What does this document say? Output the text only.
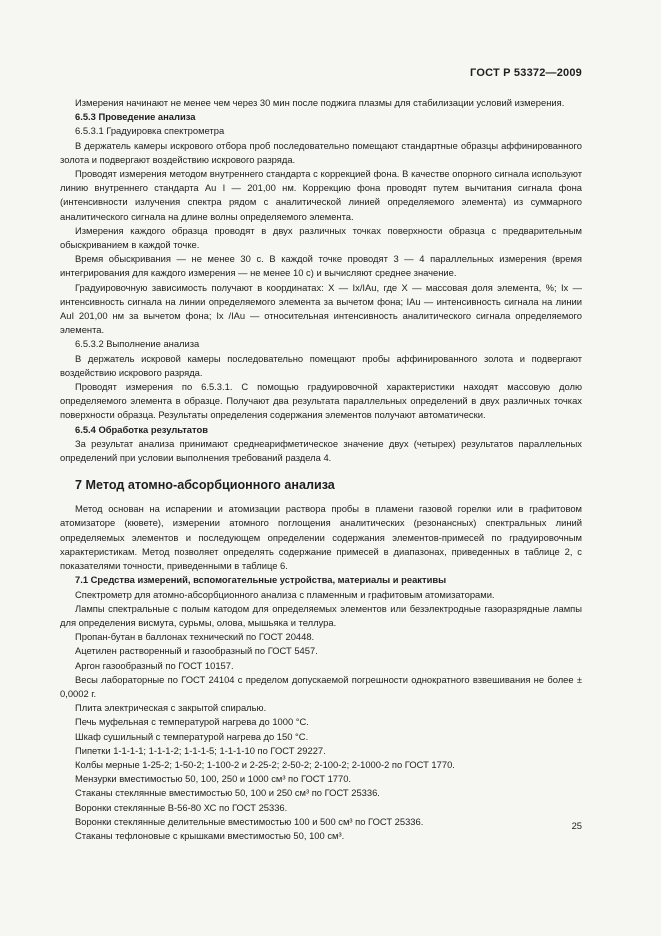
ГОСТ Р 53372—2009

Измерения начинают не менее чем через 30 мин после поджига плазмы для стабилизации условий измерения.

6.5.3 Проведение анализа

6.5.3.1 Градуировка спектрометра

В держатель камеры искрового отбора проб последовательно помещают стандартные образцы аффинированного золота и подвергают воздействию искрового разряда.

Проводят измерения методом внутреннего стандарта с коррекцией фона. В качестве опорного сигнала используют линию внутреннего стандарта Au I — 201,00 нм. Коррекцию фона проводят путем вычитания сигнала фона (интенсивности излучения спектра рядом с аналитической линией определяемого элемента) из суммарного аналитического сигнала на длине волны определяемого элемента.

Измерения каждого образца проводят в двух различных точках поверхности образца с предварительным обыскриванием в каждой точке.

Время обыскривания — не менее 30 с. В каждой точке проводят 3 — 4 параллельных измерения (время интегрирования для каждого измерения — не менее 10 с) и вычисляют среднее значение.

Градуировочную зависимость получают в координатах: X — Ix/IAu, где X — массовая доля элемента, %; Ix — интенсивность сигнала на линии определяемого элемента за вычетом фона; IAu — интенсивность сигнала на линии AuI 201,00 нм за вычетом фона; Ix /IAu — относительная интенсивность аналитического сигнала определяемого элемента.

6.5.3.2 Выполнение анализа

В держатель искровой камеры последовательно помещают пробы аффинированного золота и подвергают воздействию искрового разряда.

Проводят измерения по 6.5.3.1. С помощью градуировочной характеристики находят массовую долю определяемого элемента в образце. Получают два результата параллельных определений в двух различных точках поверхности образца. Результаты определения содержания элементов получают автоматически.

6.5.4 Обработка результатов

За результат анализа принимают среднеарифметическое значение двух (четырех) результатов параллельных определений при условии выполнения требований раздела 4.

7 Метод атомно-абсорбционного анализа

Метод основан на испарении и атомизации раствора пробы в пламени газовой горелки или в графитовом атомизаторе (кювете), измерении атомного поглощения аналитических (резонансных) спектральных линий определяемых элементов и последующем определении содержания элементов-примесей по градуировочным характеристикам. Метод позволяет определять содержание примесей в диапазонах, приведенных в таблице 2, с показателями точности, приведенными в таблице 6.

7.1 Средства измерений, вспомогательные устройства, материалы и реактивы

Спектрометр для атомно-абсорбционного анализа с пламенным и графитовым атомизаторами.

Лампы спектральные с полым катодом для определяемых элементов или безэлектродные газоразрядные лампы для определения висмута, сурьмы, олова, мышьяка и теллура.

Пропан-бутан в баллонах технический по ГОСТ 20448.

Ацетилен растворенный и газообразный по ГОСТ 5457.

Аргон газообразный по ГОСТ 10157.

Весы лабораторные по ГОСТ 24104 с пределом допускаемой погрешности однократного взвешивания не более ± 0,0002 г.

Плита электрическая с закрытой спиралью.

Печь муфельная с температурой нагрева до 1000 °С.

Шкаф сушильный с температурой нагрева до 150 °С.

Пипетки 1-1-1-1; 1-1-1-2; 1-1-1-5; 1-1-1-10 по ГОСТ 29227.

Колбы мерные 1-25-2; 1-50-2; 1-100-2 и 2-25-2; 2-50-2; 2-100-2; 2-1000-2 по ГОСТ 1770.

Мензурки вместимостью 50, 100, 250 и 1000 см³ по ГОСТ 1770.

Стаканы стеклянные вместимостью 50, 100 и 250 см³ по ГОСТ 25336.

Воронки стеклянные В-56-80 ХС по ГОСТ 25336.

Воронки стеклянные делительные вместимостью 100 и 500 см³ по ГОСТ 25336.

Стаканы тефлоновые с крышками вместимостью 50, 100 см³.

25
